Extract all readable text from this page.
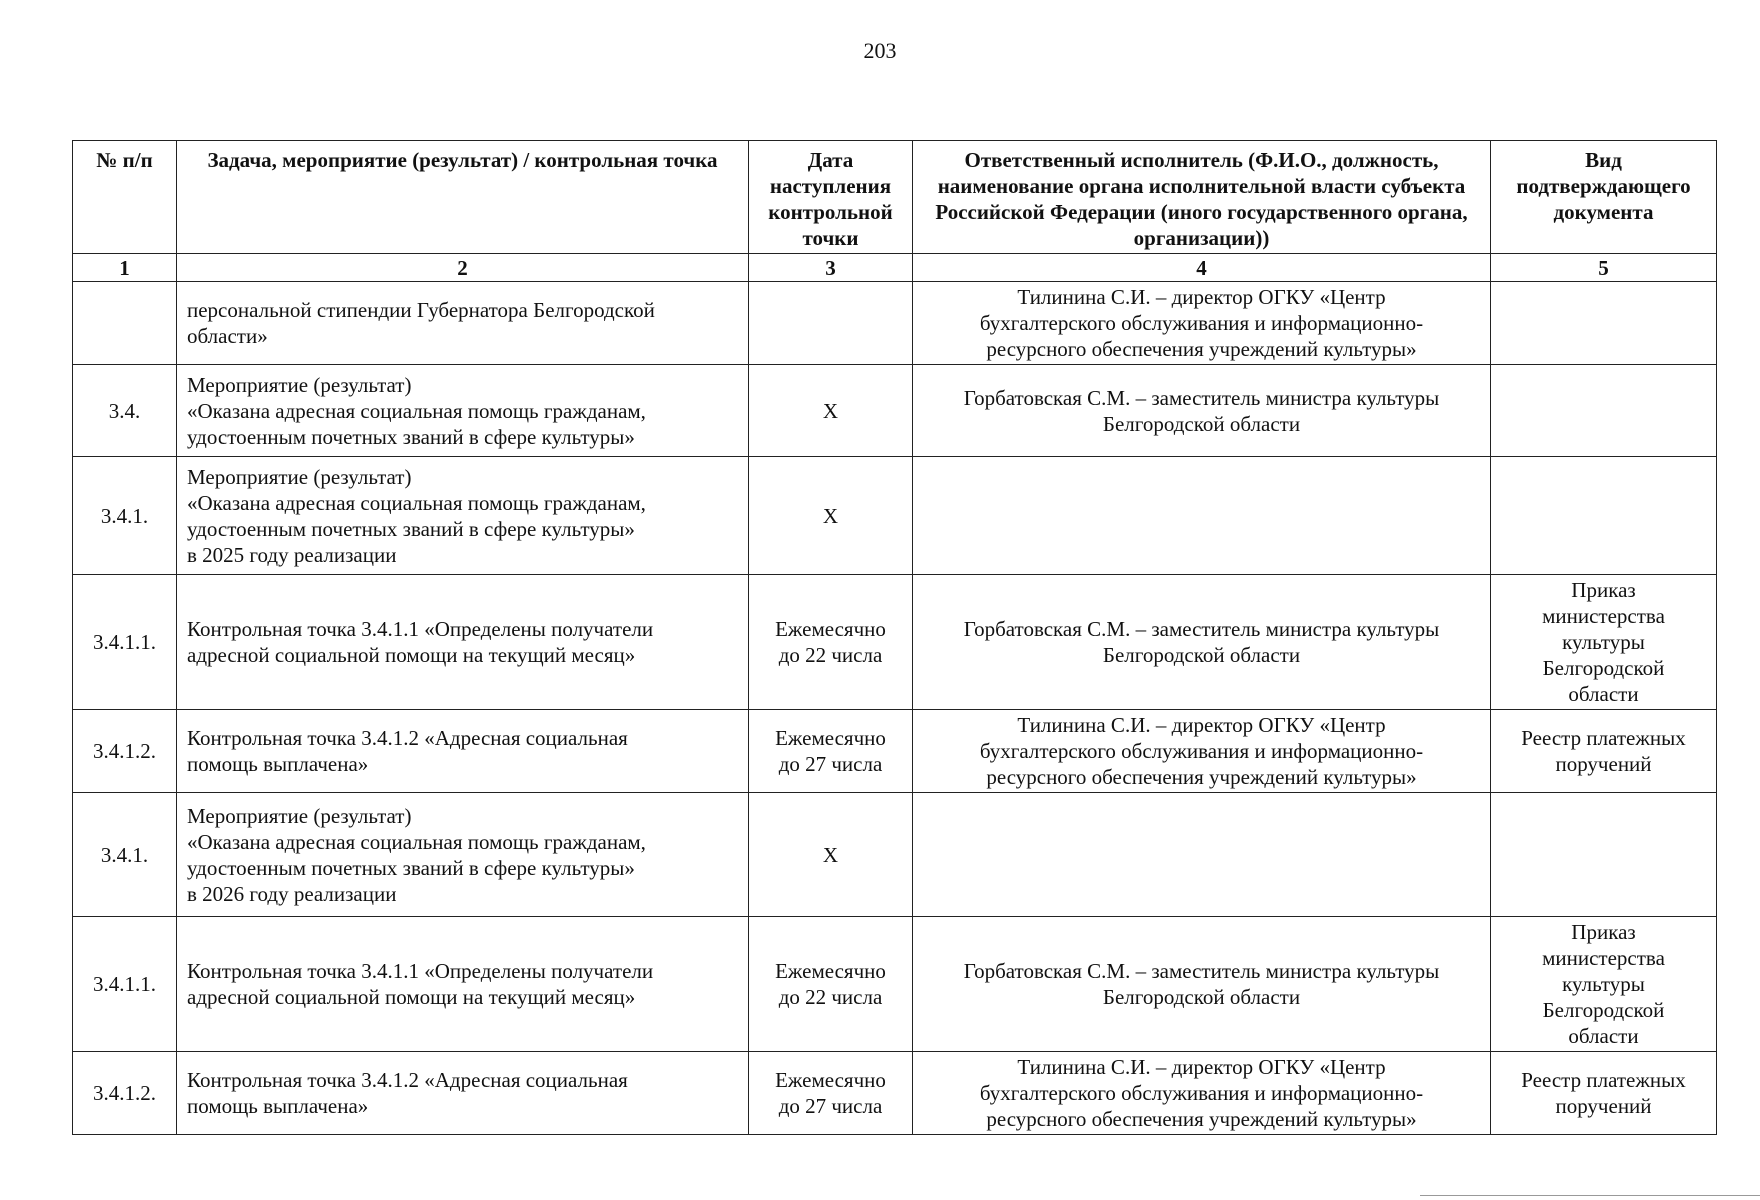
203
№ п/п	Задача, мероприятие (результат) / контрольная точка	Дата наступления контрольной точки	Ответственный исполнитель (Ф.И.О., должность, наименование органа исполнительной власти субъекта Российской Федерации (иного государственного органа, организации))	Вид подтверждающего документа
1	2	3	4	5

	персональной стипендии Губернатора Белгородской
области»		Тилинина С.И. – директор ОГКУ «Центр
бухгалтерского обслуживания и информационно-
ресурсного обеспечения учреждений культуры»	

3.4.	Мероприятие (результат)
«Оказана адресная социальная помощь гражданам,
удостоенным почетных званий в сфере культуры»	Х	Горбатовская С.М. – заместитель министра культуры
Белгородской области	

3.4.1.	Мероприятие (результат)
«Оказана адресная социальная помощь гражданам,
удостоенным почетных званий в сфере культуры»
в 2025 году реализации	Х		

3.4.1.1.	Контрольная точка 3.4.1.1 «Определены получатели
адресной социальной помощи на текущий месяц»	Ежемесячно
до 22 числа	Горбатовская С.М. – заместитель министра культуры
Белгородской области	Приказ
министерства
культуры
Белгородской
области

3.4.1.2.	Контрольная точка 3.4.1.2 «Адресная социальная
помощь выплачена»	Ежемесячно
до 27 числа	Тилинина С.И. – директор ОГКУ «Центр
бухгалтерского обслуживания и информационно-
ресурсного обеспечения учреждений культуры»	Реестр платежных
поручений

3.4.1.	Мероприятие (результат)
«Оказана адресная социальная помощь гражданам,
удостоенным почетных званий в сфере культуры»
в 2026 году реализации	Х		

3.4.1.1.	Контрольная точка 3.4.1.1 «Определены получатели
адресной социальной помощи на текущий месяц»	Ежемесячно
до 22 числа	Горбатовская С.М. – заместитель министра культуры
Белгородской области	Приказ
министерства
культуры
Белгородской
области

3.4.1.2.	Контрольная точка 3.4.1.2 «Адресная социальная
помощь выплачена»	Ежемесячно
до 27 числа	Тилинина С.И. – директор ОГКУ «Центр
бухгалтерского обслуживания и информационно-
ресурсного обеспечения учреждений культуры»	Реестр платежных
поручений
